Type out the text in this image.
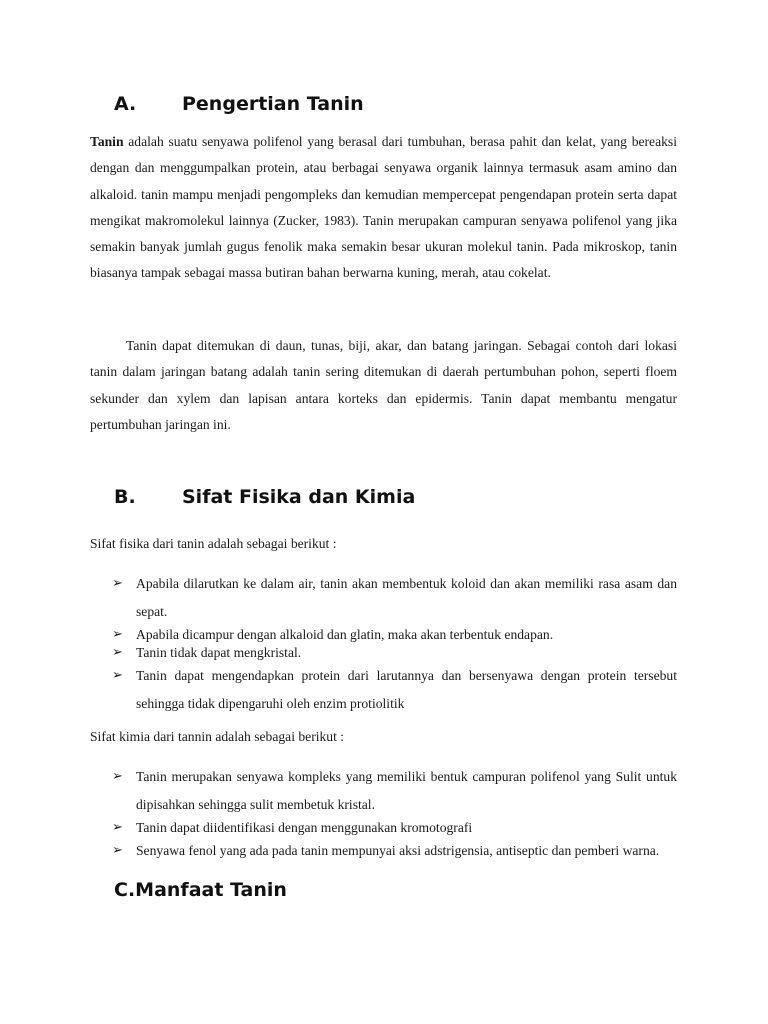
A. Pengertian Tanin

Tanin adalah suatu senyawa polifenol yang berasal dari tumbuhan, berasa pahit dan kelat, yang bereaksi dengan dan menggumpalkan protein, atau berbagai senyawa organik lainnya termasuk asam amino dan alkaloid. tanin mampu menjadi pengompleks dan kemudian mempercepat pengendapan protein serta dapat mengikat makromolekul lainnya (Zucker, 1983). Tanin merupakan campuran senyawa polifenol yang jika semakin banyak jumlah gugus fenolik maka semakin besar ukuran molekul tanin. Pada mikroskop, tanin biasanya tampak sebagai massa butiran bahan berwarna kuning, merah, atau cokelat.

Tanin dapat ditemukan di daun, tunas, biji, akar, dan batang jaringan. Sebagai contoh dari lokasi tanin dalam jaringan batang adalah tanin sering ditemukan di daerah pertumbuhan pohon, seperti floem sekunder dan xylem dan lapisan antara korteks dan epidermis. Tanin dapat membantu mengatur pertumbuhan jaringan ini.

B. Sifat Fisika dan Kimia
Sifat fisika dari tanin adalah sebagai berikut :
➢ Apabila dilarutkan ke dalam air, tanin akan membentuk koloid dan akan memiliki rasa asam dan sepat.
➢ Apabila dicampur dengan alkaloid dan glatin, maka akan terbentuk endapan.
➢ Tanin tidak dapat mengkristal.
➢ Tanin dapat mengendapkan protein dari larutannya dan bersenyawa dengan protein tersebut sehingga tidak dipengaruhi oleh enzim protiolitik
Sifat kimia dari tannin adalah sebagai berikut :
➢ Tanin merupakan senyawa kompleks yang memiliki bentuk campuran polifenol yang Sulit untuk dipisahkan sehingga sulit membetuk kristal.
➢ Tanin dapat diidentifikasi dengan menggunakan kromotografi
➢ Senyawa fenol yang ada pada tanin mempunyai aksi adstrigensia, antiseptic dan pemberi warna.
C.Manfaat Tanin
